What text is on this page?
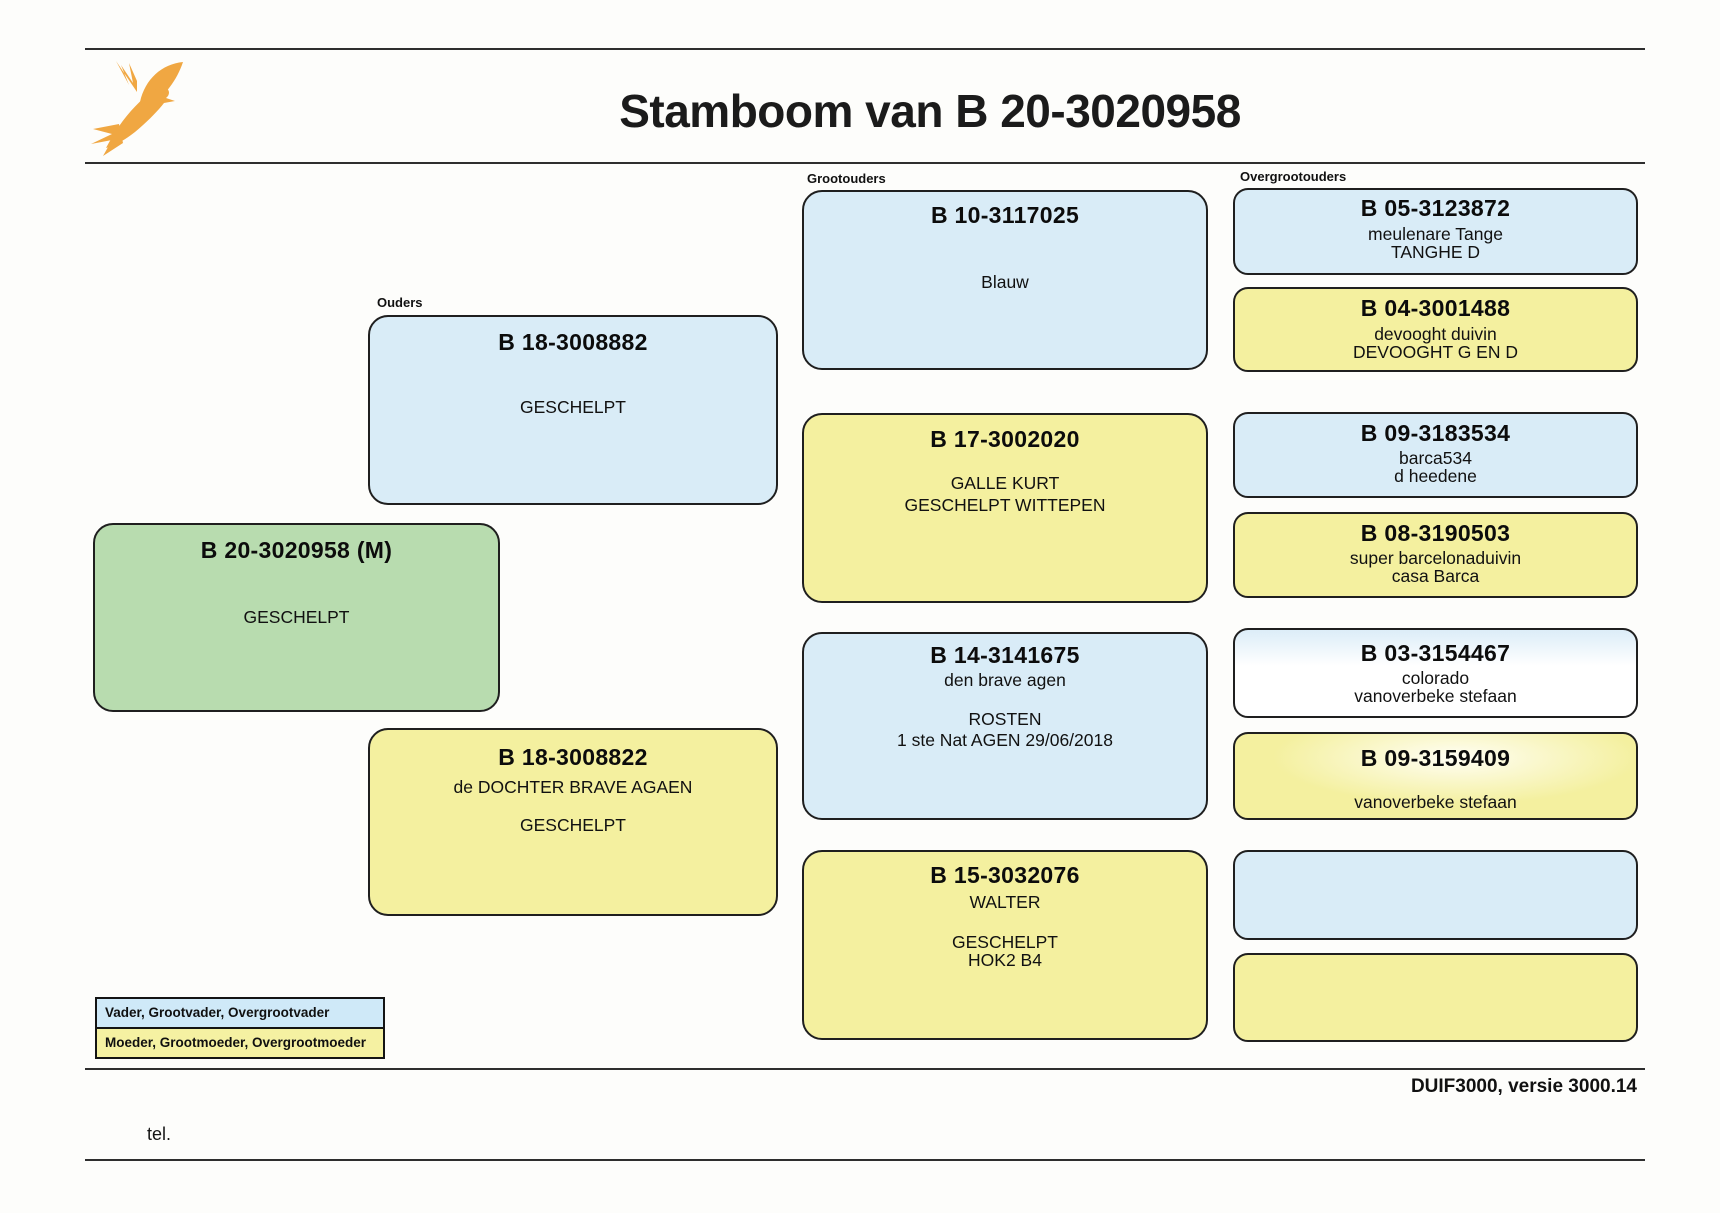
Stamboom van B 20-3020958
Ouders
Grootouders	Overgrootouders
B 20-3020958 (M)
GESCHELPT
B 18-3008882
GESCHELPT
B 18-3008822
de DOCHTER BRAVE AGAEN
GESCHELPT
B 10-3117025
Blauw
B 17-3002020
GALLE KURT
GESCHELPT WITTEPEN
B 14-3141675
den brave agen
ROSTEN
1 ste Nat AGEN 29/06/2018
B 15-3032076
WALTER
GESCHELPT
HOK2 B4
B 05-3123872
meulenare Tange
TANGHE D
B 04-3001488
devooght duivin
DEVOOGHT G EN D
B 09-3183534
barca534
d heedene
B 08-3190503
super barcelonaduivin
casa Barca
B 03-3154467
colorado
vanoverbeke stefaan
B 09-3159409
vanoverbeke stefaan
Vader, Grootvader, Overgrootvader
Moeder, Grootmoeder, Overgrootmoeder
DUIF3000, versie 3000.14
tel.
